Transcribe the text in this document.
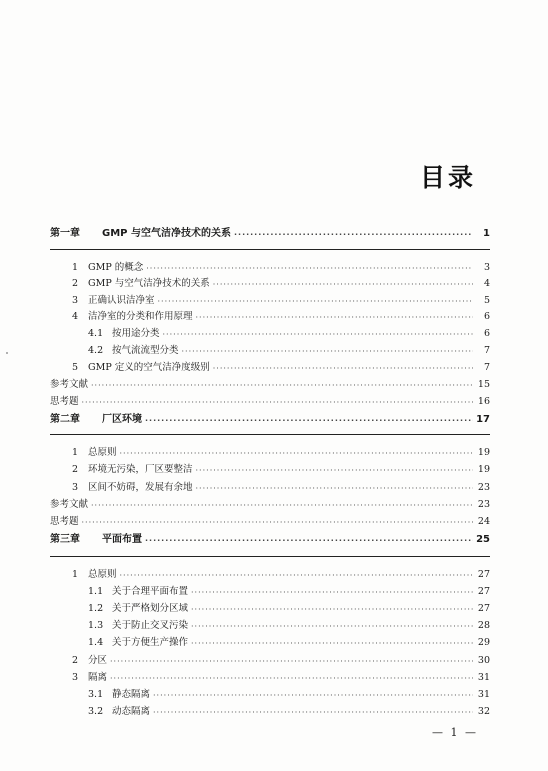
目录
第一章	GMP 与空气洁净技术的关系 ·····	1
1	GMP 的概念 ·····	3
2	GMP 与空气洁净技术的关系 ·····	4
3	正确认识洁净室 ·····	5
4	洁净室的分类和作用原理 ·····	6
4.1 按用途分类 ·····	6
4.2 按气流流型分类 ·····	7
5	GMP 定义的空气洁净度级别 ·····	7
参考文献 ·····	15
思考题 ·····	16
第二章	厂区环境 ·····	17
1	总原则 ·····	19
2	环境无污染，厂区要整洁 ·····	19
3	区间不妨碍，发展有余地 ·····	23
参考文献 ·····	23
思考题 ·····	24
第三章	平面布置 ·····	25
1	总原则 ·····	27
1.1 关于合理平面布置 ·····	27
1.2 关于严格划分区域 ·····	27
1.3 关于防止交叉污染 ·····	28
1.4 关于方便生产操作 ·····	29
2	分区 ·····	30
3	隔离 ·····	31
3.1 静态隔离 ·····	31
3.2 动态隔离 ·····	32
— 1 —
